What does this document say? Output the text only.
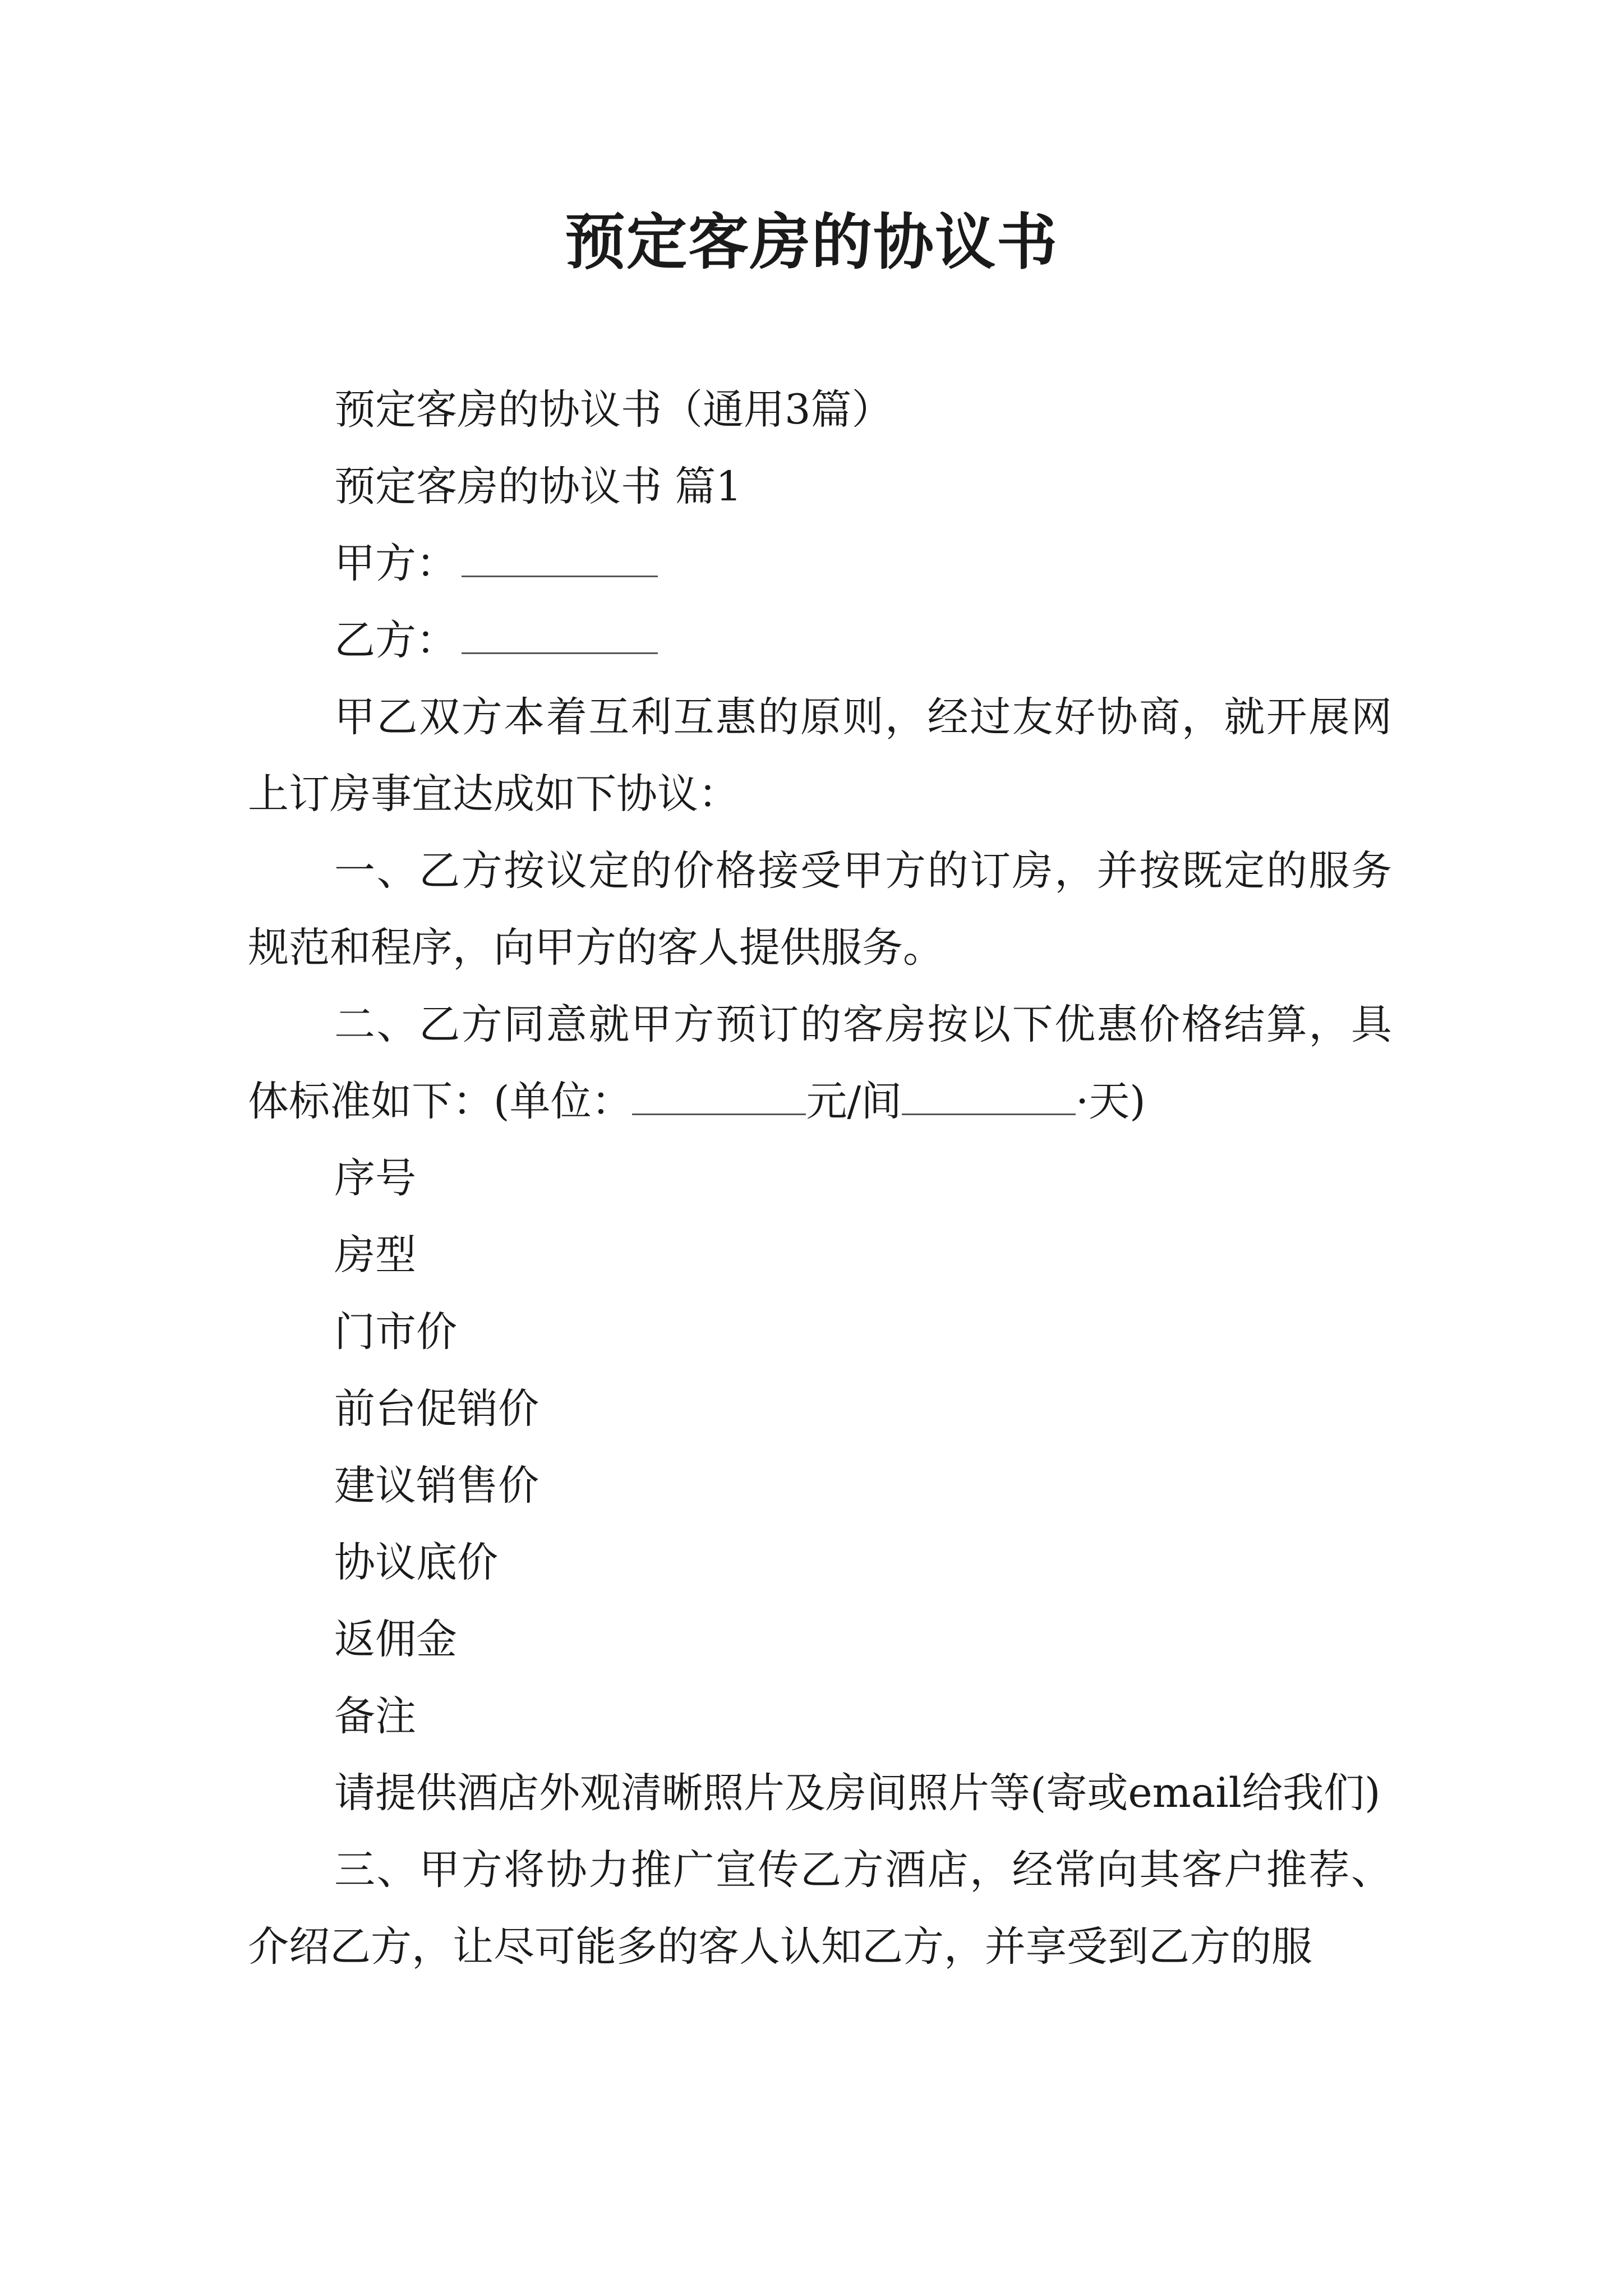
预定客房的协议书

预定客房的协议书（通用3篇）

预定客房的协议书 篇1

甲方：

乙方：

甲乙双方本着互利互惠的原则，经过友好协商，就开展网上订房事宜达成如下协议：

一、乙方按议定的价格接受甲方的订房，并按既定的服务规范和程序，向甲方的客人提供服务。

二、乙方同意就甲方预订的客房按以下优惠价格结算，具体标准如下：(单位：	元/间	·天)

序号

房型

门市价

前台促销价

建议销售价

协议底价

返佣金

备注

请提供酒店外观清晰照片及房间照片等(寄或email给我们)

三、甲方将协力推广宣传乙方酒店，经常向其客户推荐、介绍乙方，让尽可能多的客人认知乙方，并享受到乙方的服
